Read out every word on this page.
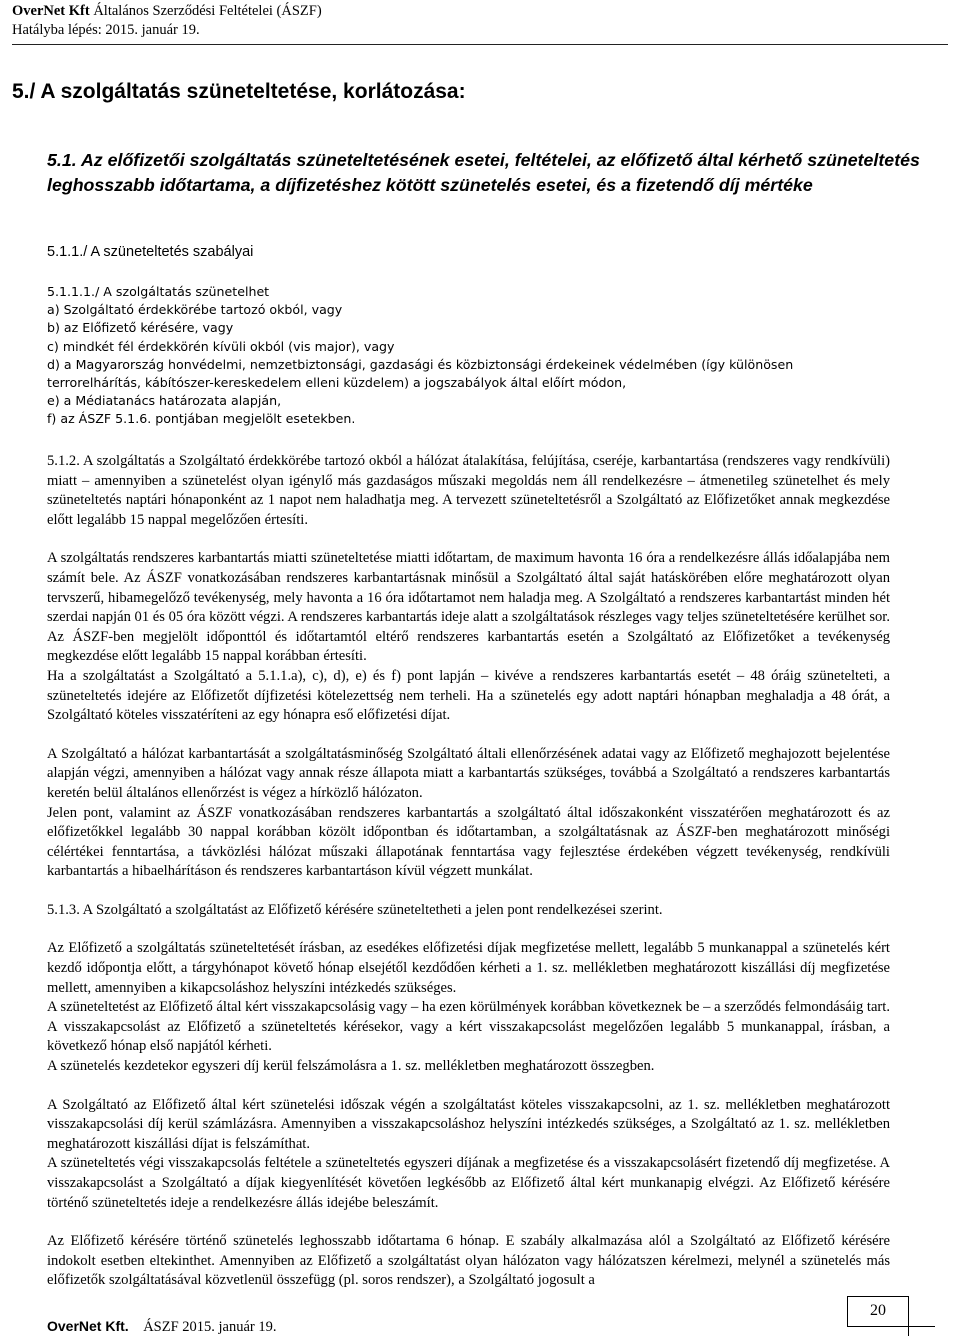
OverNet Kft Általános Szerződési Feltételei (ÁSZF)
Hatályba lépés: 2015. január 19.
5./ A szolgáltatás szüneteltetése, korlátozása:
5.1. Az előfizetői szolgáltatás szüneteltetésének esetei, feltételei, az előfizető által kérhető szüneteltetés leghosszabb időtartama, a díjfizetéshez kötött szünetelés esetei, és a fizetendő díj mértéke
5.1.1./ A szüneteltetés szabályai
5.1.1.1./ A szolgáltatás szünetelhet
a) Szolgáltató érdekkörébe tartozó okból, vagy
b) az Előfizető kérésére, vagy
c) mindkét fél érdekkörén kívüli okból (vis major), vagy
d) a Magyarország honvédelmi, nemzetbiztonsági, gazdasági és közbiztonsági érdekeinek védelmében (így különösen
terrorelhárítás, kábítószer-kereskedelem elleni küzdelem) a jogszabályok által előírt módon,
e) a Médiatanács határozata alapján,
f) az ÁSZF 5.1.6. pontjában megjelölt esetekben.

5.1.2. A szolgáltatás a Szolgáltató érdekkörébe tartozó okból a hálózat átalakítása, felújítása, cseréje, karbantartása (rendszeres vagy rendkívüli) miatt – amennyiben a szünetelést olyan igénylő más gazdaságos műszaki megoldás nem áll rendelkezésre – átmenetileg szünetelhet és mely szüneteltetés naptári hónaponként az 1 napot nem haladhatja meg. A tervezett szüneteltetésről a Szolgáltató az Előfizetőket annak megkezdése előtt legalább 15 nappal megelőzően értesíti.

A szolgáltatás rendszeres karbantartás miatti szüneteltetése miatti időtartam, de maximum havonta 16 óra a rendelkezésre állás időalapjába nem számít bele. Az ÁSZF vonatkozásában rendszeres karbantartásnak minősül a Szolgáltató által saját hatáskörében előre meghatározott olyan tervszerű, hibamegelőző tevékenység, mely havonta a 16 óra időtartamot nem haladja meg. A Szolgáltató a rendszeres karbantartást minden hét szerdai napján 01 és 05 óra között végzi. A rendszeres karbantartás ideje alatt a szolgáltatások részleges vagy teljes szüneteltetésére kerülhet sor. Az ÁSZF-ben megjelölt időponttól és időtartamtól eltérő rendszeres karbantartás esetén a Szolgáltató az Előfizetőket a tevékenység megkezdése előtt legalább 15 nappal korábban értesíti.

Ha a szolgáltatást a Szolgáltató a 5.1.1.a), c), d), e) és f) pont lapján – kivéve a rendszeres karbantartás esetét – 48 óráig szünetelteti, a szüneteltetés idejére az Előfizetőt díjfizetési kötelezettség nem terheli. Ha a szünetelés egy adott naptári hónapban meghaladja a 48 órát, a Szolgáltató köteles visszatéríteni az egy hónapra eső előfizetési díjat.

A Szolgáltató a hálózat karbantartását a szolgáltatásminőség Szolgáltató általi ellenőrzésének adatai vagy az Előfizető meghajozott bejelentése alapján végzi, amennyiben a hálózat vagy annak része állapota miatt a karbantartás szükséges, továbbá a Szolgáltató a rendszeres karbantartás keretén belül általános ellenőrzést is végez a hírközlő hálózaton.

Jelen pont, valamint az ÁSZF vonatkozásában rendszeres karbantartás a szolgáltató által időszakonként visszatérően meghatározott és az előfizetőkkel legalább 30 nappal korábban közölt időpontban és időtartamban, a szolgáltatásnak az ÁSZF-ben meghatározott minőségi célértékei fenntartása, a távközlési hálózat műszaki állapotának fenntartása vagy fejlesztése érdekében végzett tevékenység, rendkívüli karbantartás a hibaelhárításon és rendszeres karbantartáson kívül végzett munkálat.

5.1.3. A Szolgáltató a szolgáltatást az Előfizető kérésére szüneteltetheti a jelen pont rendelkezései szerint.

Az Előfizető a szolgáltatás szüneteltetését írásban, az esedékes előfizetési díjak megfizetése mellett, legalább 5 munkanappal a szünetelés kért kezdő időpontja előtt, a tárgyhónapot követő hónap elsejétől kezdődően kérheti a 1. sz. mellékletben meghatározott kiszállási díj megfizetése mellett, amennyiben a kikapcsoláshoz helyszíni intézkedés szükséges.

A szüneteltetést az Előfizető által kért visszakapcsolásig vagy – ha ezen körülmények korábban következnek be – a szerződés felmondásáig tart. A visszakapcsolást az Előfizető a szüneteltetés kérésekor, vagy a kért visszakapcsolást megelőzően legalább 5 munkanappal, írásban, a következő hónap első napjától kérheti.

A szünetelés kezdetekor egyszeri díj kerül felszámolásra a 1. sz. mellékletben meghatározott összegben.

A Szolgáltató az Előfizető által kért szünetelési időszak végén a szolgáltatást köteles visszakapcsolni, az 1. sz. mellékletben meghatározott visszakapcsolási díj kerül számlázásra. Amennyiben a visszakapcsoláshoz helyszíni intézkedés szükséges, a Szolgáltató az 1. sz. mellékletben meghatározott kiszállási díjat is felszámíthat.

A szüneteltetés végi visszakapcsolás feltétele a szüneteltetés egyszeri díjának a megfizetése és a visszakapcsolásért fizetendő díj megfizetése. A visszakapcsolást a Szolgáltató a díjak kiegyenlítését követően legkésőbb az Előfizető által kért munkanapig elvégzi. Az Előfizető kérésére történő szüneteltetés ideje a rendelkezésre állás idejébe beleszámít.

Az Előfizető kérésére történő szünetelés leghosszabb időtartama 6 hónap. E szabály alkalmazása alól a Szolgáltató az Előfizető kérésére indokolt esetben eltekinthet. Amennyiben az Előfizető a szolgáltatást olyan hálózaton vagy hálózatszen kérelmezi, melynél a szünetelés más előfizetők szolgáltatásával közvetlenül összefügg (pl. soros rendszer), a Szolgáltató jogosult a

OverNet Kft. ÁSZF 2015. január 19.
20
